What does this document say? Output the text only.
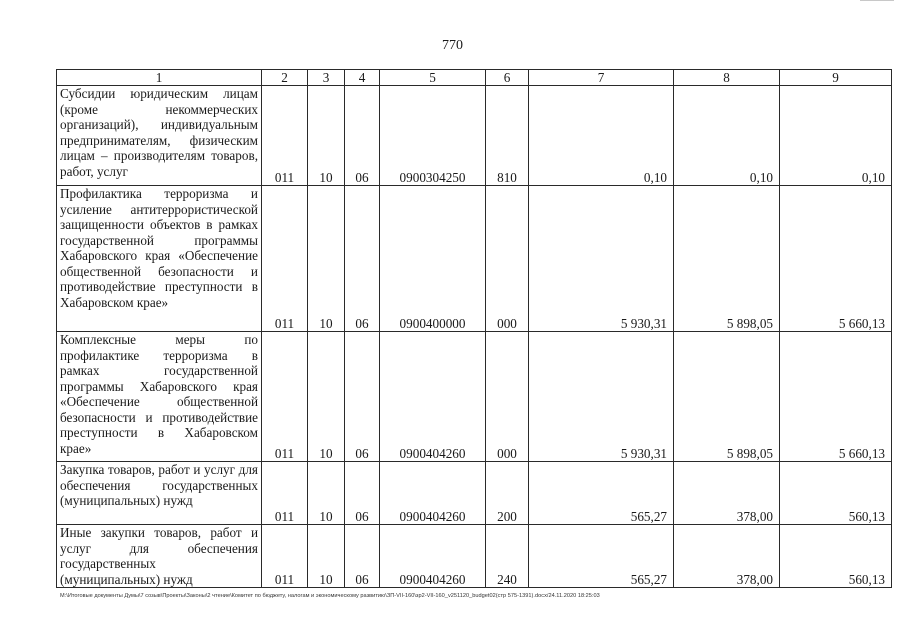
770
1	2	3	4	5	6	7	8	9
Субсидии юридическим лицам (кроме некоммерческих организаций), индивидуальным предпринимателям, физическим лицам – производителям товаров, работ, услуг	011	10	06	0900304250	810	0,10	0,10	0,10
Профилактика терроризма и усиление антитеррористической защищенности объектов в рамках государственной программы Хабаровского края «Обеспечение общественной безопасности и противодействие преступности в Хабаровском крае»	011	10	06	0900400000	000	5 930,31	5 898,05	5 660,13
Комплексные меры по профилактике терроризма в рамках государственной программы Хабаровского края «Обеспечение общественной безопасности и противодействие преступности в Хабаровском крае»	011	10	06	0900404260	000	5 930,31	5 898,05	5 660,13
Закупка товаров, работ и услуг для обеспечения государственных (муниципальных) нужд	011	10	06	0900404260	200	565,27	378,00	560,13
Иные закупки товаров, работ и услуг для обеспечения государственных (муниципальных) нужд	011	10	06	0900404260	240	565,27	378,00	560,13
M:\Итоговые документы Думы\7 созыв\Проекты\Законы\2 чтение\Комитет по бюджету, налогам и экономическому развитию\ЗП-VII-160\зр2-VII-160_v251120_budget02(стр 575-1391).docx/24.11.2020 18:25:03
